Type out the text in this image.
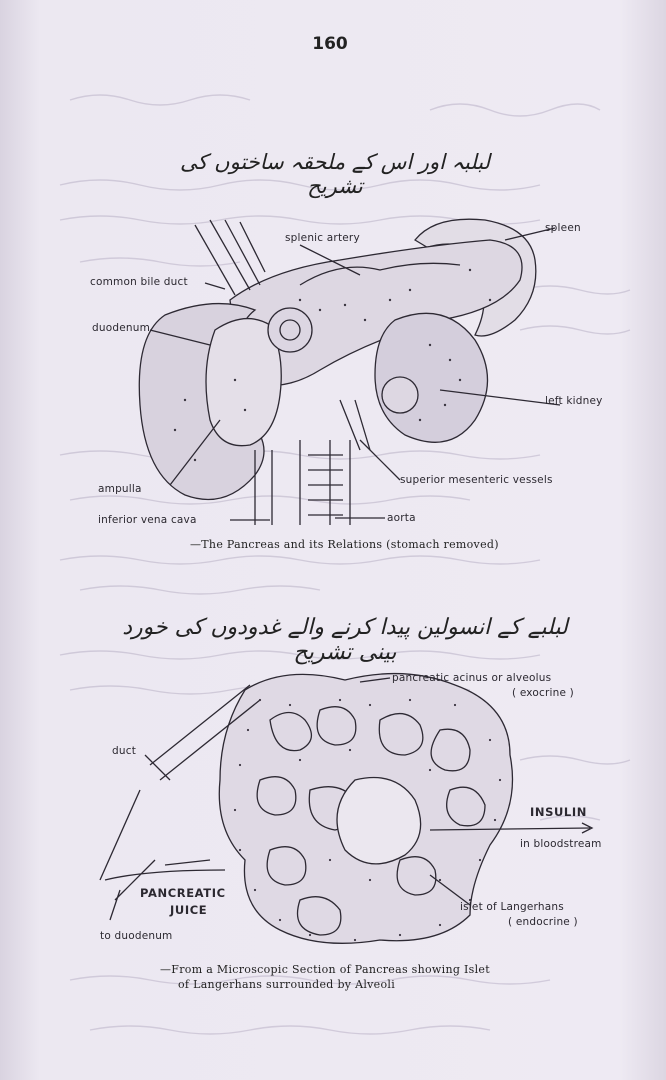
160
لبلبہ اور اس کے ملحقہ ساختوں کی تشریح
splenic artery
spleen
common bile duct
duodenum
left kidney
ampulla
superior mesenteric vessels
inferior vena cava	aorta
—The Pancreas and its Relations (stomach removed)
لبلبے کے انسولین پیدا کرنے والے غدودوں کی خورد بینی تشریح
pancreatic acinus or alveolus
( exocrine )
duct
INSULIN
in bloodstream
PANCREATIC
JUICE	islet of Langerhans
( endocrine )
to duodenum
—From a Microscopic Section of Pancreas showing Islet
of Langerhans surrounded by Alveoli
